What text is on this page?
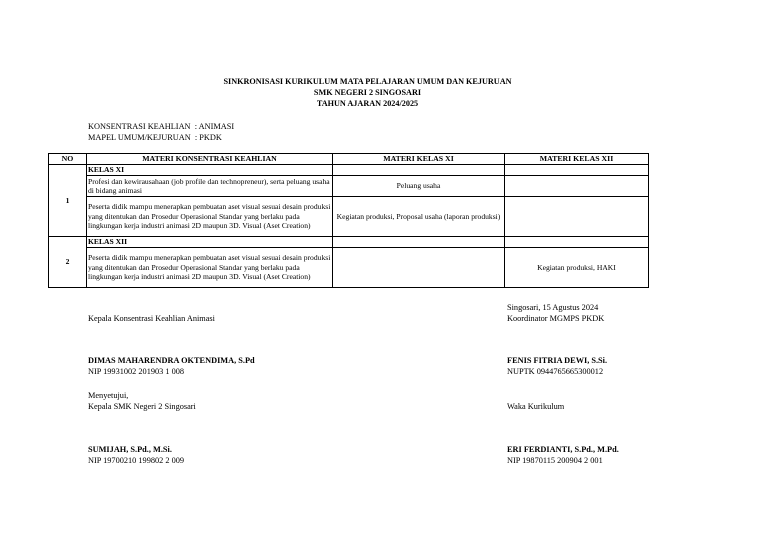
SINKRONISASI KURIKULUM MATA PELAJARAN UMUM DAN KEJURUAN
SMK NEGERI 2 SINGOSARI
TAHUN AJARAN 2024/2025
KONSENTRASI KEAHLIAN  : ANIMASI
MAPEL UMUM/KEJURUAN  : PKDK
NO	MATERI KONSENTRASI KEAHLIAN	MATERI KELAS XI	MATERI KELAS XII
1	KELAS XI		
	Profesi dan kewirausahaan (job profile dan technopreneur), serta peluang usaha di bidang animasi	Peluang usaha	
	Peserta didik mampu menerapkan pembuatan aset visual sesuai desain produksi yang ditentukan dan Prosedur Operasional Standar yang berlaku pada lingkungan kerja industri animasi 2D maupun 3D. Visual (Aset Creation)	Kegiatan produksi, Proposal usaha (laporan produksi)	
2	KELAS XII		
	Peserta didik mampu menerapkan pembuatan aset visual sesuai desain produksi yang ditentukan dan Prosedur Operasional Standar yang berlaku pada lingkungan kerja industri animasi 2D maupun 3D. Visual (Aset Creation)		Kegiatan produksi, HAKI
Singosari, 15 Agustus 2024
Koordinator MGMPS PKDK
Kepala Konsentrasi Keahlian Animasi
DIMAS MAHARENDRA OKTENDIMA, S.Pd
NIP 19931002 201903 1 008
FENIS FITRIA DEWI, S.Si.
NUPTK 0944765665300012
Menyetujui,
Kepala SMK Negeri 2 Singosari	Waka Kurikulum
SUMIJAH, S.Pd., M.Si.
NIP 19700210 199802 2 009
ERI FERDIANTI, S.Pd., M.Pd.
NIP 19870115 200904 2 001
